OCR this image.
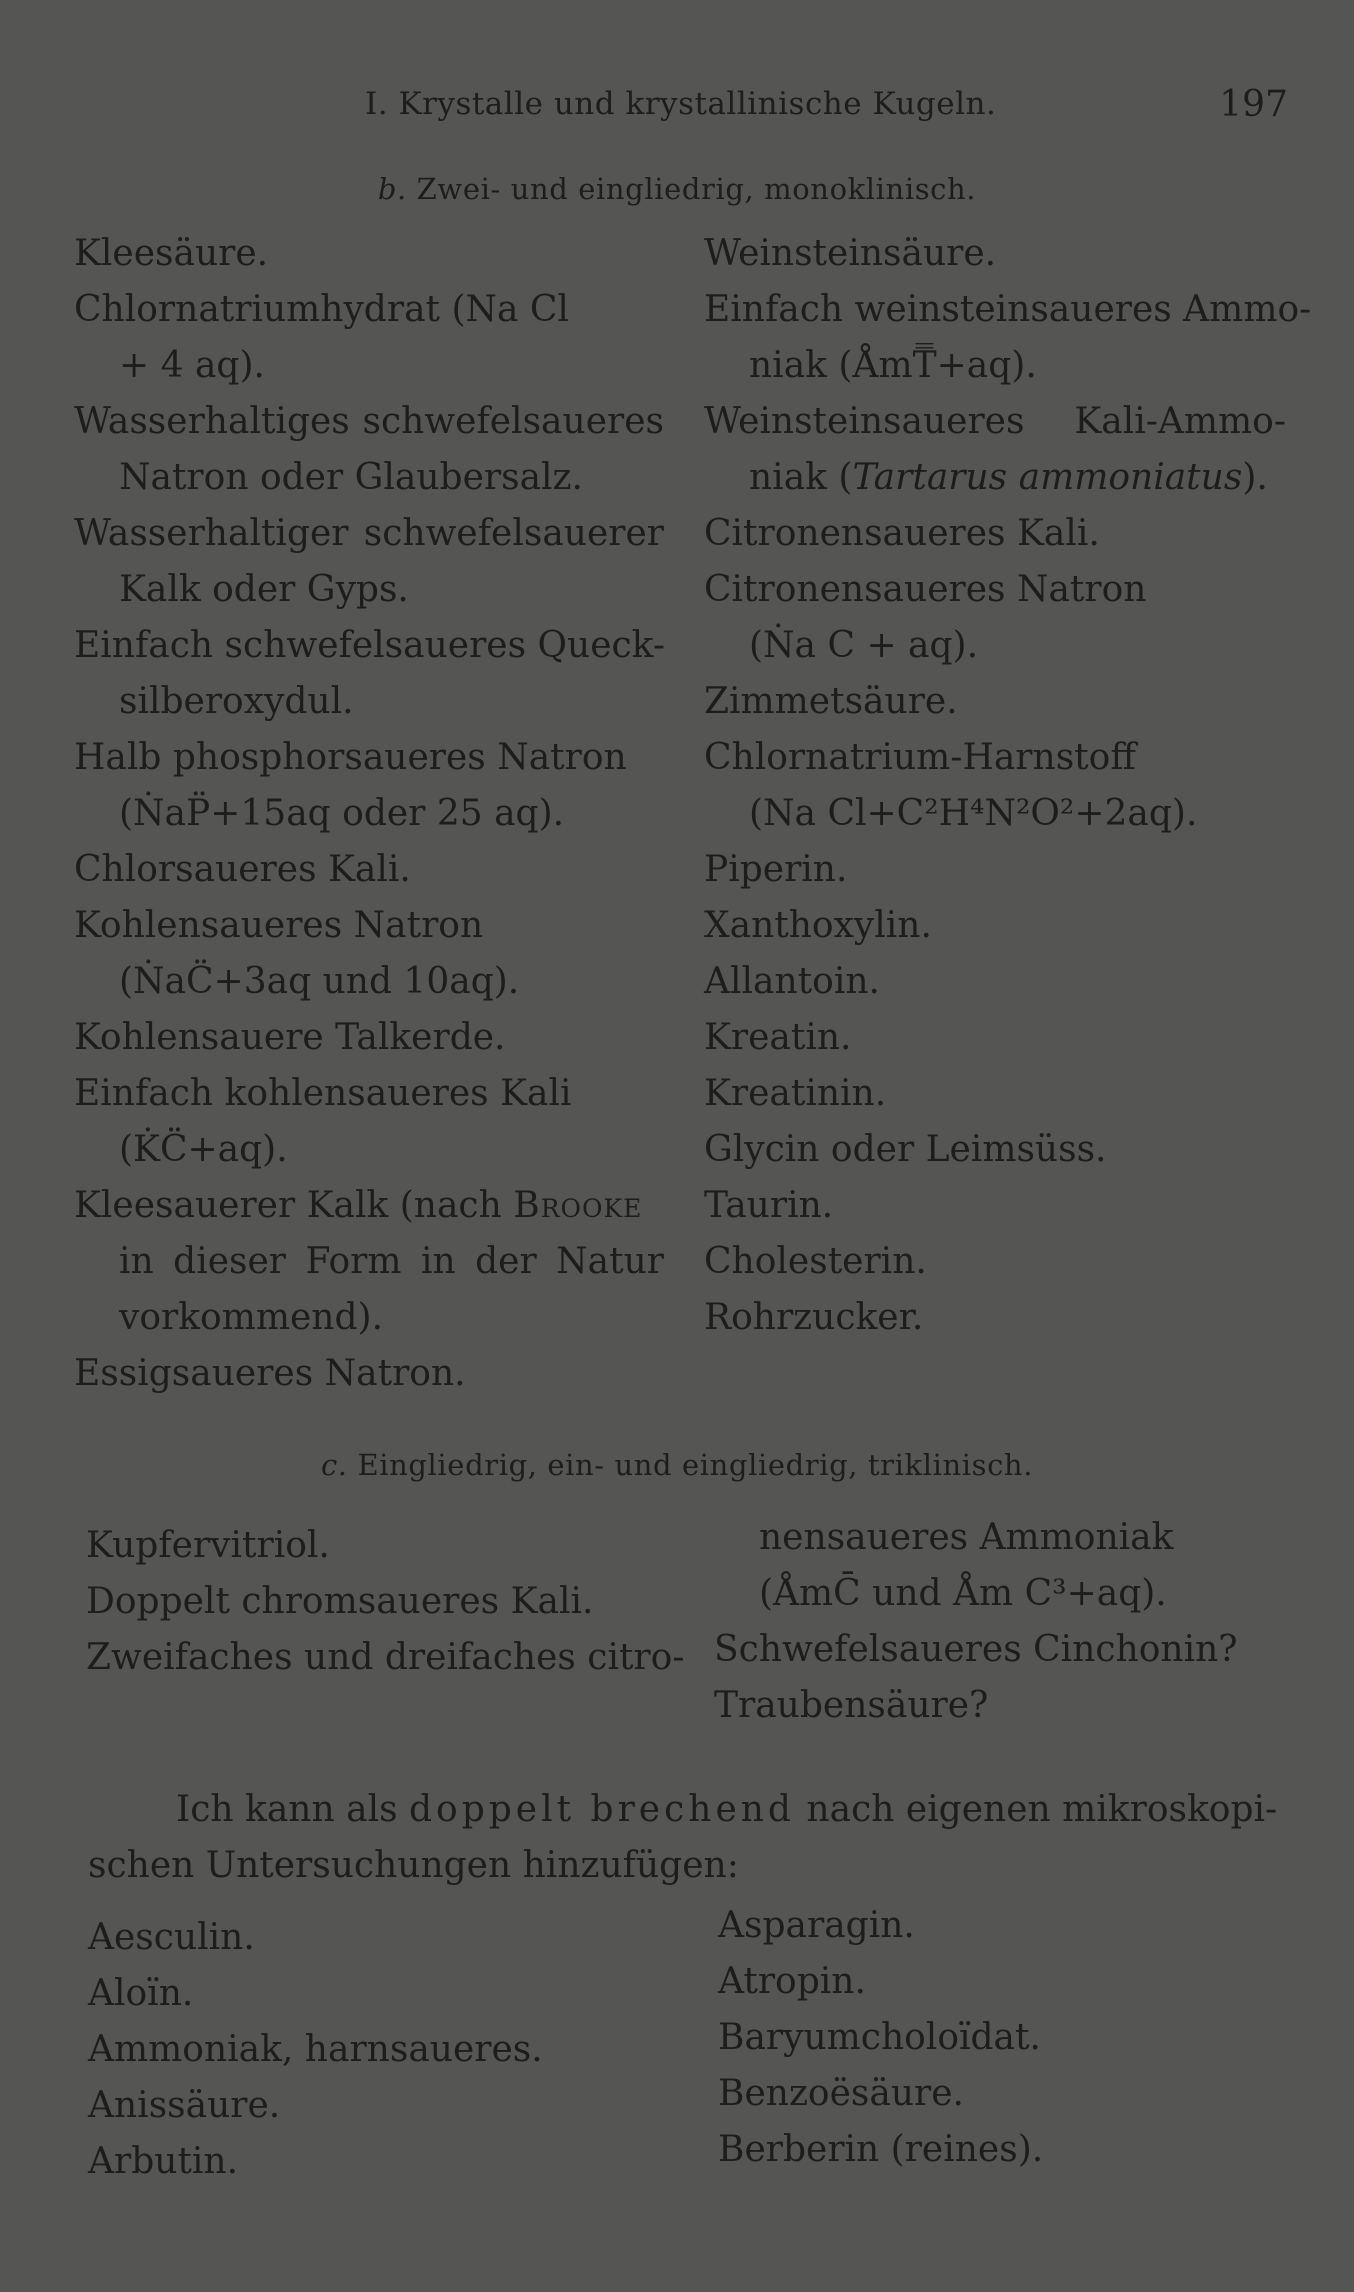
I. Krystalle und krystallinische Kugeln.	197
b. Zwei- und eingliedrig, monoklinisch.
Kleesäure.
Chlornatriumhydrat (Na Cl
+ 4 aq).
Wasserhaltiges schwefelsaueres
Natron oder Glaubersalz.
Wasserhaltiger schwefelsauerer
Kalk oder Gyps.
Einfach schwefelsaueres Queck-
silberoxydul.
Halb phosphorsaueres Natron
(ṄaP̈+15aq oder 25 aq).
Chlorsaueres Kali.
Kohlensaueres Natron
(ṄaC̈+3aq und 10aq).
Kohlensauere Talkerde.
Einfach kohlensaueres Kali
(K̇C̈+aq).
Kleesauerer Kalk (nach Brooke
in dieser Form in der Natur
vorkommend).
Essigsaueres Natron.
Weinsteinsäure.
Einfach weinsteinsaueres Ammo-
niak (ÅmT̿+aq).
Weinsteinsaueres Kali-Ammo-
niak (Tartarus ammoniatus).
Citronensaueres Kali.
Citronensaueres Natron
(Ṅa C + aq).
Zimmetsäure.
Chlornatrium-Harnstoff
(Na Cl+C²H⁴N²O²+2aq).
Piperin.
Xanthoxylin.
Allantoin.
Kreatin.
Kreatinin.
Glycin oder Leimsüss.
Taurin.
Cholesterin.
Rohrzucker.
c. Eingliedrig, ein- und eingliedrig, triklinisch.
Kupfervitriol.
Doppelt chromsaueres Kali.
Zweifaches und dreifaches citro-
nensaueres Ammoniak
(ÅmC̄ und Åm C³+aq).
Schwefelsaueres Cinchonin?
Traubensäure?
Ich kann als doppelt brechend nach eigenen mikroskopi-
schen Untersuchungen hinzufügen:
Aesculin.
Aloïn.
Ammoniak, harnsaueres.
Anissäure.
Arbutin.
Asparagin.
Atropin.
Baryumcholoïdat.
Benzoësäure.
Berberin (reines).
